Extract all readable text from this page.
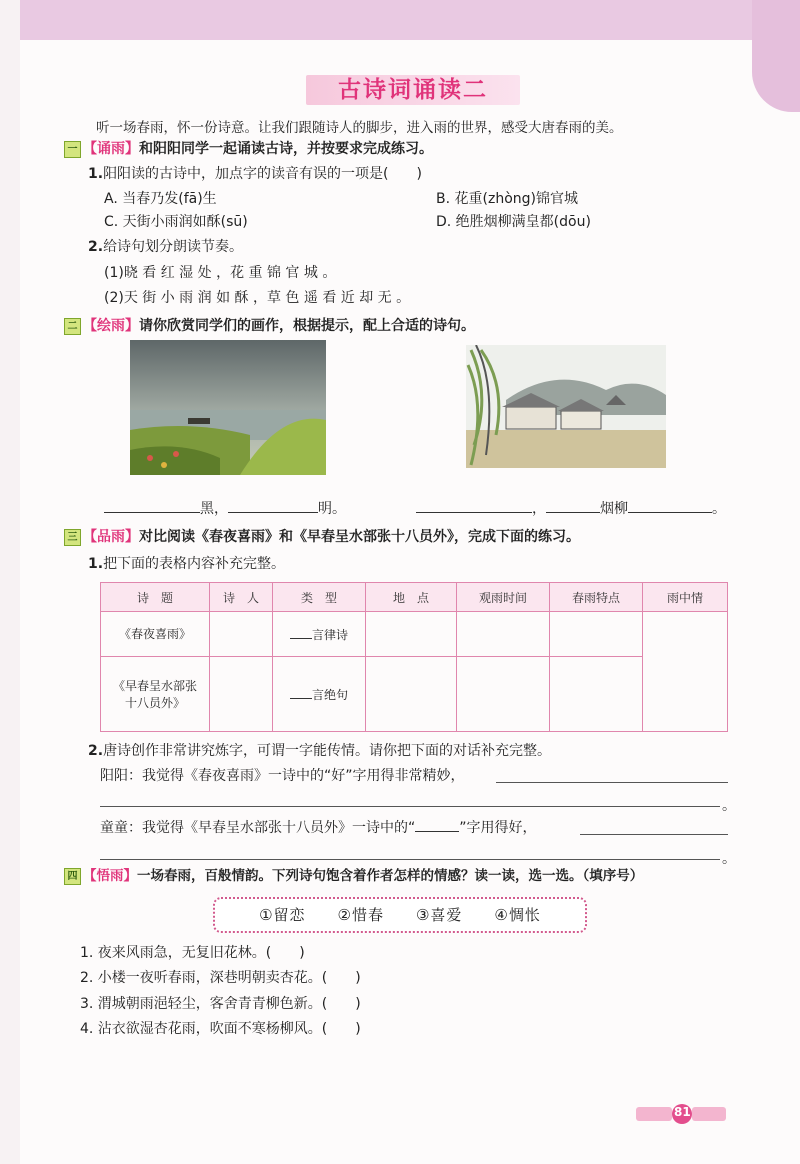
古诗词诵读二
听一场春雨，怀一份诗意。让我们跟随诗人的脚步，进入雨的世界，感受大唐春雨的美。
一 【诵雨】和阳阳同学一起诵读古诗，并按要求完成练习。
1.阳阳读的古诗中，加点字的读音有误的一项是(　　)
A. 当春乃发(fā)生	B. 花重(zhòng)锦官城
C. 天街小雨润如酥(sū)	D. 绝胜烟柳满皇都(dōu)
2.给诗句划分朗读节奏。
(1)晓 看 红 湿 处 ，花 重 锦 官 城 。
(2)天 街 小 雨 润 如 酥 ，草 色 遥 看 近 却 无 。
二 【绘雨】请你欣赏同学们的画作，根据提示，配上合适的诗句。
黑，	明。	，	烟柳	。
三 【品雨】对比阅读《春夜喜雨》和《早春呈水部张十八员外》，完成下面的练习。
1.把下面的表格内容补充完整。
诗　题	诗　人	类　型	地　点	观雨时间	春雨特点	雨中情
《春夜喜雨》		言律诗				

《早春呈水部张
十八员外》		言绝句				
2.唐诗创作非常讲究炼字，可谓一字能传情。请你把下面的对话补充完整。
阳阳：我觉得《春夜喜雨》一诗中的“好”字用得非常精妙，
。
童童：我觉得《早春呈水部张十八员外》一诗中的“	”字用得好，
。
四 【悟雨】一场春雨，百般情韵。下列诗句饱含着作者怎样的情感？读一读，选一选。（填序号）
①留恋　　②惜春　　③喜爱　　④惆怅
1. 夜来风雨急，无复旧花林。(　　)
2. 小楼一夜听春雨，深巷明朝卖杏花。(　　)
3. 渭城朝雨浥轻尘，客舍青青柳色新。(　　)
4. 沾衣欲湿杏花雨，吹面不寒杨柳风。(　　)
81
